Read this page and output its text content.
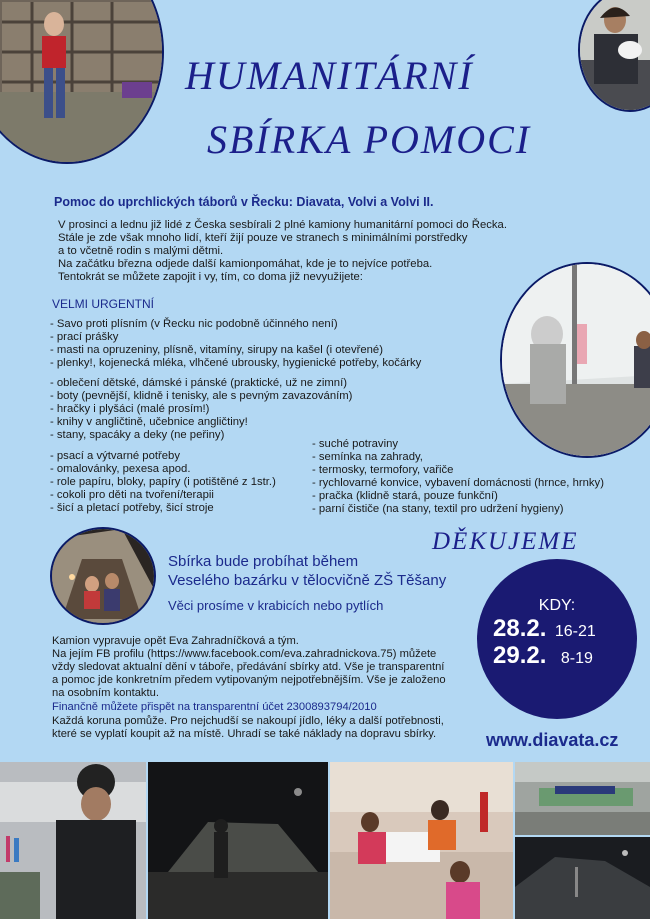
HUMANITÁRNÍ
SBÍRKA POMOCI
Pomoc do uprchlických táborů v Řecku: Diavata, Volvi a Volvi II.
V prosinci a lednu již lidé z Česka sesbírali 2 plné kamiony humanitární pomoci do Řecka.
Stále je zde však mnoho lidí, kteří žijí pouze ve stranech s minimálními porstředky
a to včetně rodin s malými dětmi.
Na začátku března odjede další kamionpomáhat, kde je to nejvíce potřeba.
Tentokrát se můžete zapojit i vy, tím, co doma již nevyužijete:
VELMI URGENTNÍ
- Savo proti plísním (v Řecku nic podobně účinného není)
- prací prášky
- masti na opruzeniny, plísně, vitamíny, sirupy na kašel (i otevřené)
- plenky!, kojenecká mléka, vlhčené ubrousky, hygienické potřeby, kočárky
- oblečení dětské, dámské i pánské (praktické, už ne zimní)
- boty (pevnější, klidně i tenisky, ale s pevným zavazováním)
- hračky i plyšáci (malé prosím!)
- knihy v angličtině, učebnice angličtiny!
- stany, spacáky a deky (ne peřiny)
- psací a výtvarné potřeby
- omalovánky, pexesa apod.
- role papíru, bloky, papíry (i potištěné z 1str.)
- cokoli pro děti na tvoření/terapii
- šicí a pletací potřeby, šicí stroje
- suché potraviny
- semínka na zahrady,
- termosky, termofory, vařiče
- rychlovarné konvice, vybavení domácnosti (hrnce, hrnky)
- pračka (klidně stará, pouze funkční)
- parní čističe (na stany, textil pro udržení hygieny)
DĚKUJEME
Sbírka bude probíhat během
Veselého bazárku v tělocvičně ZŠ Těšany
Věci prosíme v krabicích nebo pytlích	KDY:
28.2. 16-21
29.2. 8-19
Kamion vypravuje opět Eva Zahradníčková a tým.
Na jejím FB profilu (https://www.facebook.com/eva.zahradnickova.75) můžete
vždy sledovat aktualní dění v táboře, předávání sbírky atd. Vše je transparentní
a pomoc jde konkretním předem vytipovaným nejpotřebnějším. Vše je založeno
na osobním kontaktu.
Finančně můžete přispět na transparentní účet 2300893794/2010
Každá koruna pomůže. Pro nejchudší se nakoupí jídlo, léky a další potřebnosti,
které se vyplatí koupit až na místě. Uhradí se také náklady na dopravu sbírky.	www.diavata.cz
